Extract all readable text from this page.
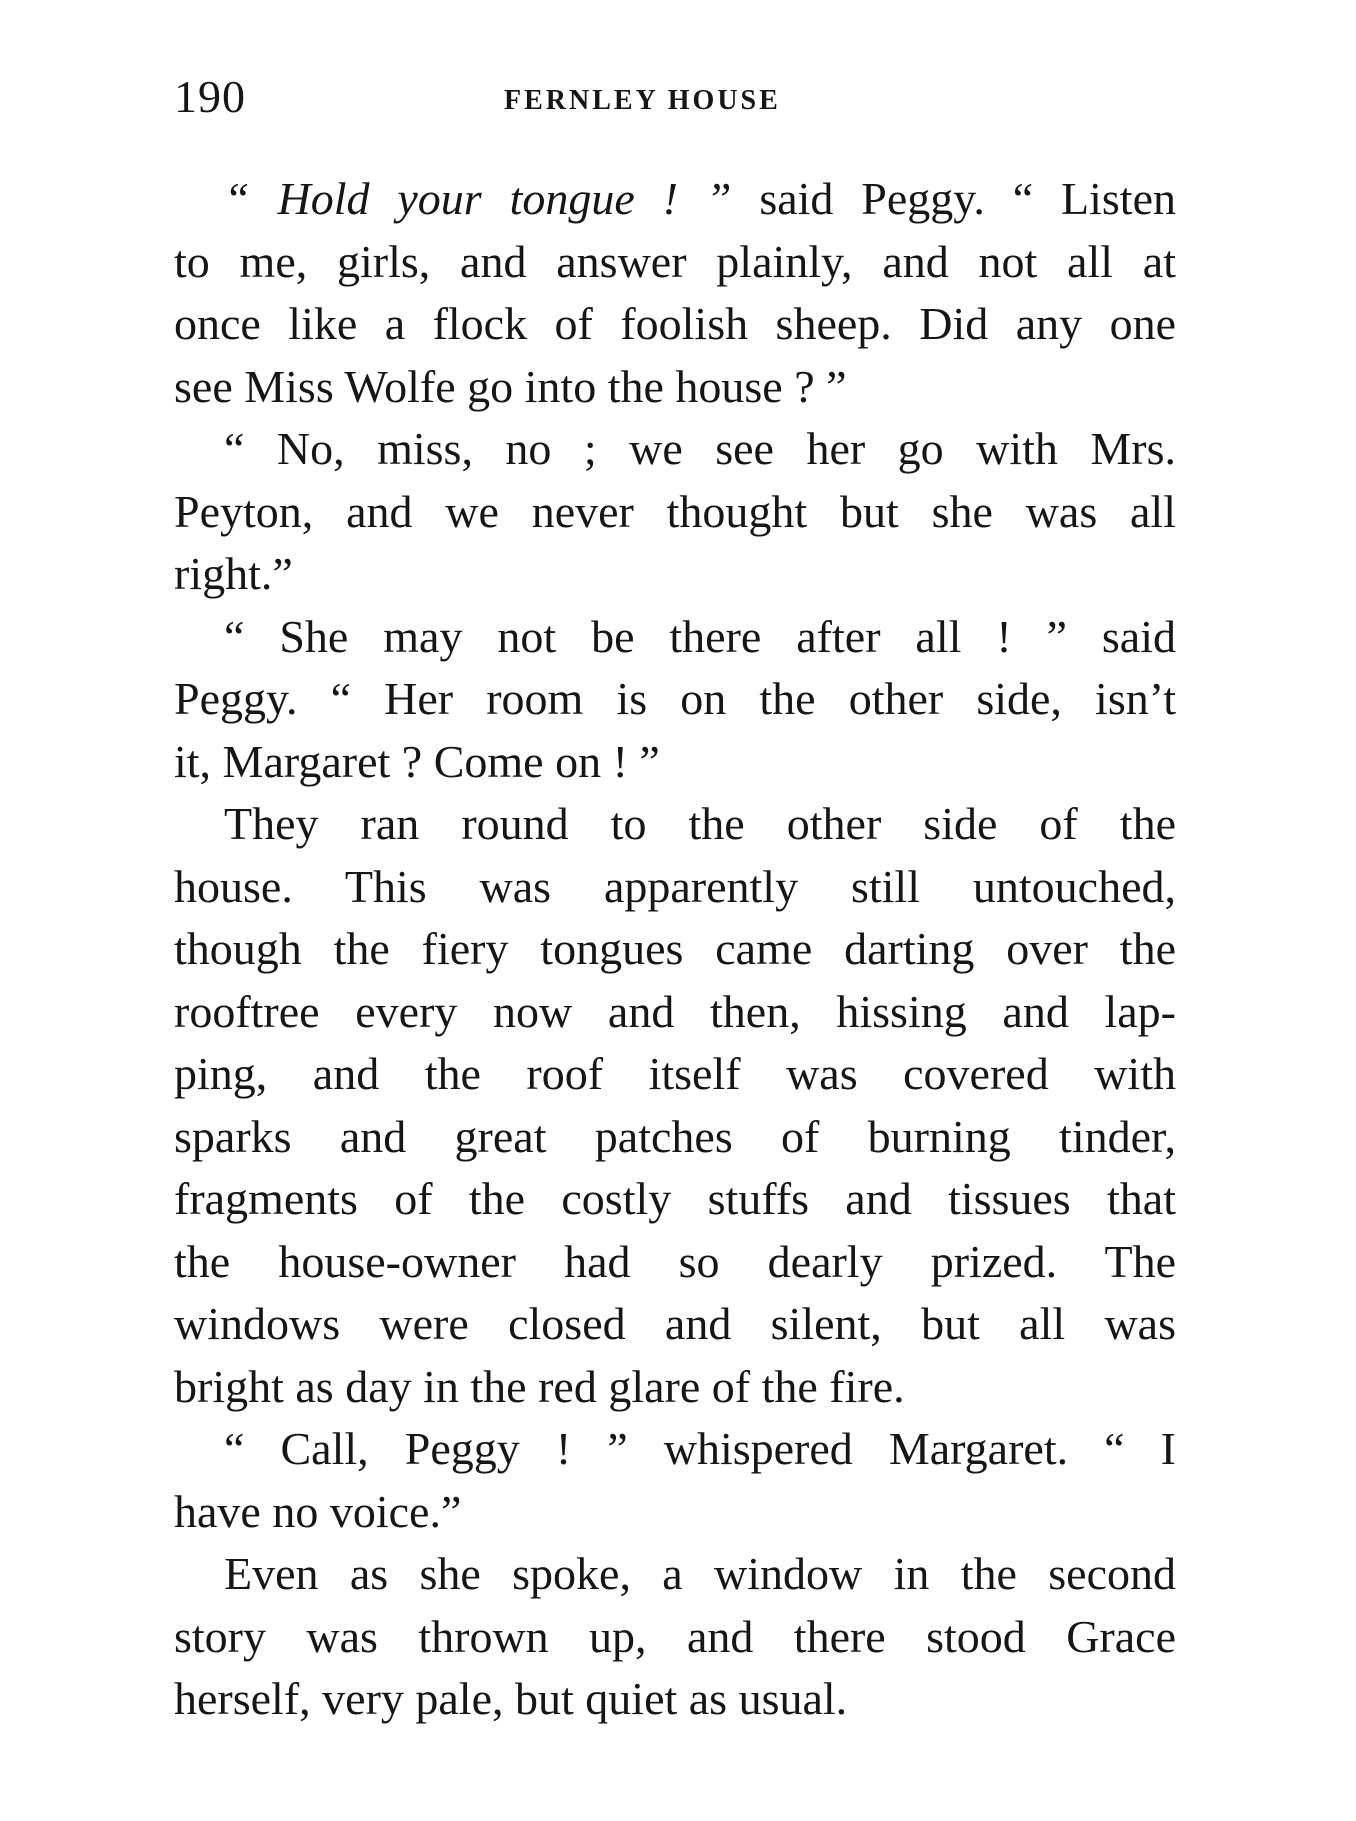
190	FERNLEY HOUSE
“ Hold your tongue ! ” said Peggy. “ Listen
to me, girls, and answer plainly, and not all at
once like a flock of foolish sheep. Did any one
see Miss Wolfe go into the house ? ”
“ No, miss, no ; we see her go with Mrs.
Peyton, and we never thought but she was all
right.”
“ She may not be there after all ! ” said
Peggy. “ Her room is on the other side, isn’t
it, Margaret ? Come on ! ”
They ran round to the other side of the
house. This was apparently still untouched,
though the fiery tongues came darting over the
rooftree every now and then, hissing and lap-
ping, and the roof itself was covered with
sparks and great patches of burning tinder,
fragments of the costly stuffs and tissues that
the house-owner had so dearly prized. The
windows were closed and silent, but all was
bright as day in the red glare of the fire.
“ Call, Peggy ! ” whispered Margaret. “ I
have no voice.”
Even as she spoke, a window in the second
story was thrown up, and there stood Grace
herself, very pale, but quiet as usual.
